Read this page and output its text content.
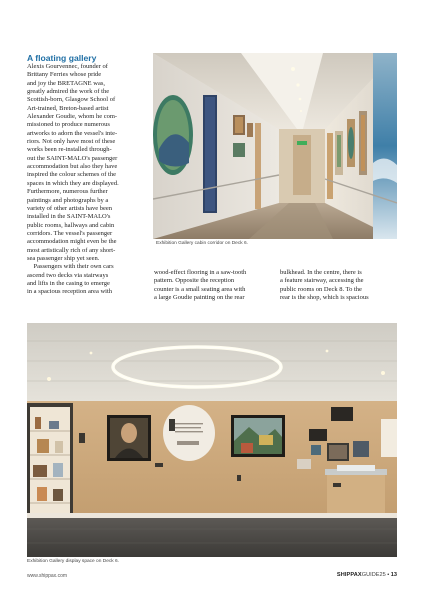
A floating gallery
Alexis Gourvennec, founder of
Brittany Ferries whose pride
and joy the BRETAGNE was,
greatly admired the work of the
Scottish-born, Glasgow School of
Art-trained, Breton-based artist
Alexander Goudie, whom he com-
missioned to produce numerous
artworks to adorn the vessel's inte-
riors. Not only have most of these
works been re-installed through-
out the SAINT-MALO's passenger
accommodation but also they have
inspired the colour schemes of the
spaces in which they are displayed.
Furthermore, numerous further
paintings and photographs by a
variety of other artists have been
installed in the SAINT-MALO's
public rooms, hallways and cabin
corridors. The vessel's passenger
accommodation might even be the
most artistically rich of any short-
sea passenger ship yet seen.
Passengers with their own cars
ascend two decks via stairways
and lifts in the casing to emerge
in a spacious reception area with
Exhibition Gallery cabin corridor on Deck 6.
wood-effect flooring in a saw-tooth
pattern. Opposite the reception
counter is a small seating area with
a large Goudie painting on the rear
bulkhead. In the centre, there is
a feature stairway, accessing the
public rooms on Deck 8. To the
rear is the shop, which is spacious
Exhibition Gallery display space on Deck 6.
www.shippax.com	SHIPPAXGUIDE25 • 13
